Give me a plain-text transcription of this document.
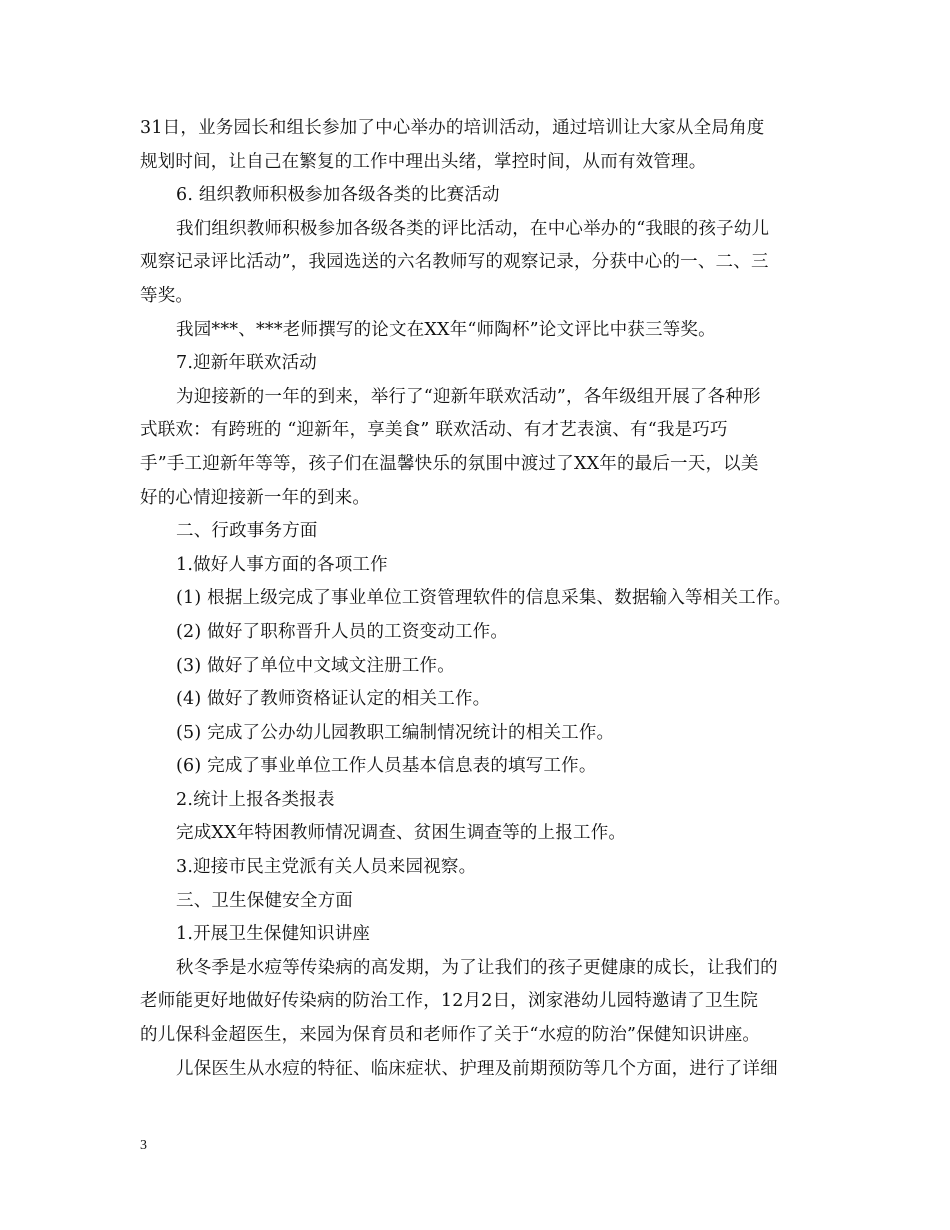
31日，业务园长和组长参加了中心举办的培训活动，通过培训让大家从全局角度
规划时间，让自己在繁复的工作中理出头绪，掌控时间，从而有效管理。
6. 组织教师积极参加各级各类的比赛活动
我们组织教师积极参加各级各类的评比活动，在中心举办的“我眼的孩子幼儿
观察记录评比活动”，我园选送的六名教师写的观察记录，分获中心的一、二、三
等奖。
我园***、***老师撰写的论文在XX年“师陶杯”论文评比中获三等奖。
7.迎新年联欢活动
为迎接新的一年的到来，举行了“迎新年联欢活动”，各年级组开展了各种形
式联欢：有跨班的 “迎新年，享美食” 联欢活动、有才艺表演、有“我是巧巧
手”手工迎新年等等，孩子们在温馨快乐的氛围中渡过了XX年的最后一天，以美
好的心情迎接新一年的到来。
二、行政事务方面
1.做好人事方面的各项工作
(1) 根据上级完成了事业单位工资管理软件的信息采集、数据输入等相关工作。
(2) 做好了职称晋升人员的工资变动工作。
(3) 做好了单位中文域文注册工作。
(4) 做好了教师资格证认定的相关工作。
(5) 完成了公办幼儿园教职工编制情况统计的相关工作。
(6) 完成了事业单位工作人员基本信息表的填写工作。
2.统计上报各类报表
完成XX年特困教师情况调查、贫困生调查等的上报工作。
3.迎接市民主党派有关人员来园视察。
三、卫生保健安全方面
1.开展卫生保健知识讲座
秋冬季是水痘等传染病的高发期，为了让我们的孩子更健康的成长，让我们的
老师能更好地做好传染病的防治工作，12月2日，浏家港幼儿园特邀请了卫生院
的儿保科金超医生，来园为保育员和老师作了关于“水痘的防治”保健知识讲座。
儿保医生从水痘的特征、临床症状、护理及前期预防等几个方面，进行了详细
3
